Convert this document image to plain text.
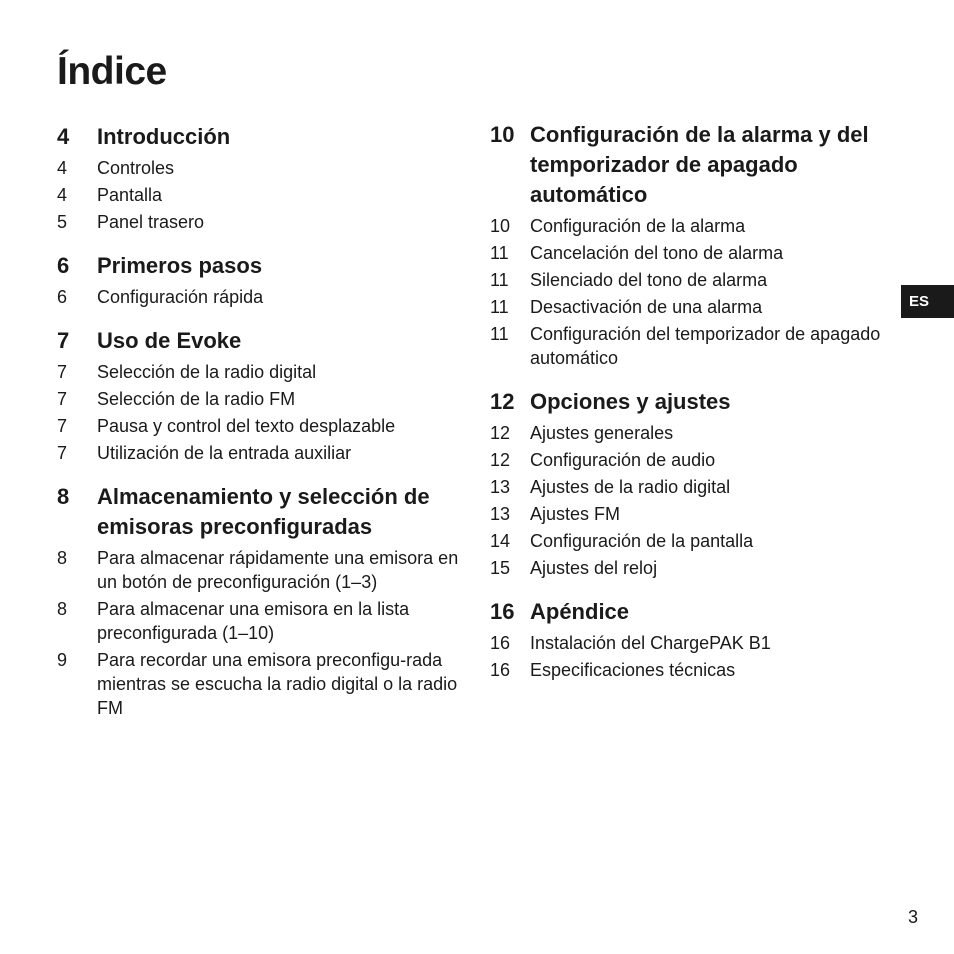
Índice
4	Introducción
4	Controles
4	Pantalla
5	Panel trasero
6	Primeros pasos
6	Configuración rápida
7	Uso de Evoke
7	Selección de la radio digital
7	Selección de la radio FM
7	Pausa y control del texto desplazable
7	Utilización de la entrada auxiliar
8	Almacenamiento y selección de emisoras preconfiguradas
8	Para almacenar rápidamente una emisora en un botón de preconfiguración (1–3)
8	Para almacenar una emisora en la lista preconfigurada (1–10)
9	Para recordar una emisora preconfigu-rada mientras se escucha la radio digital o la radio FM
10 Configuración de la alarma y del temporizador de apagado automático
10	Configuración de la alarma
11	Cancelación del tono de alarma
11	Silenciado del tono de alarma
11	Desactivación de una alarma
11	Configuración del temporizador de apagado automático
12 Opciones y ajustes
12	Ajustes generales
12	Configuración de audio
13	Ajustes de la radio digital
13	Ajustes FM
14	Configuración de la pantalla
15	Ajustes del reloj
16 Apéndice
16	Instalación del ChargePAK B1
16	Especificaciones técnicas
ES
3
